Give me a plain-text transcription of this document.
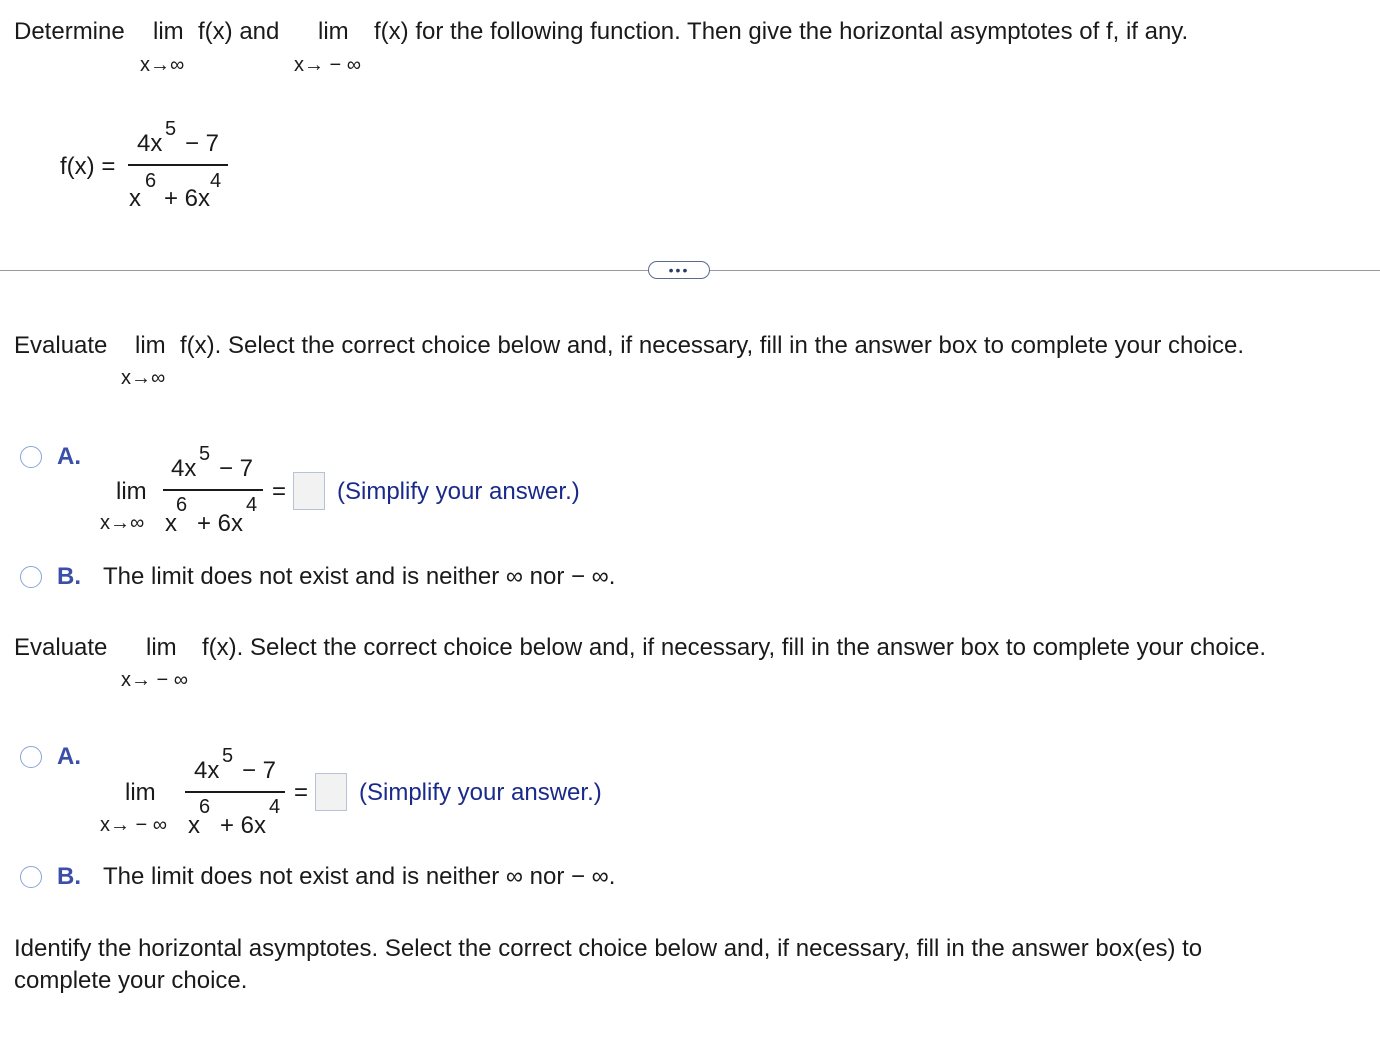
Determine lim f(x) and
x→∞
lim f(x) for the following function. Then give the horizontal asymptotes of f, if any.
x→ − ∞
f(x) =
4x
5
− 7
x
6
+ 6x
4
•••
Evaluate lim f(x). Select the correct choice below and, if necessary, fill in the answer box to complete your choice.
x→∞
A.
lim
x→∞
4x
5
− 7
x
6
+ 6x
4 = (Simplify your answer.)
B. The limit does not exist and is neither ∞ nor − ∞.
Evaluate lim f(x). Select the correct choice below and, if necessary, fill in the answer box to complete your choice.
x→ − ∞
A.
lim
x→ − ∞
4x
5
− 7
x
6
+ 6x
4
= (Simplify your answer.)
B. The limit does not exist and is neither ∞ nor − ∞.
Identify the horizontal asymptotes. Select the correct choice below and, if necessary, fill in the answer box(es) to
complete your choice.
